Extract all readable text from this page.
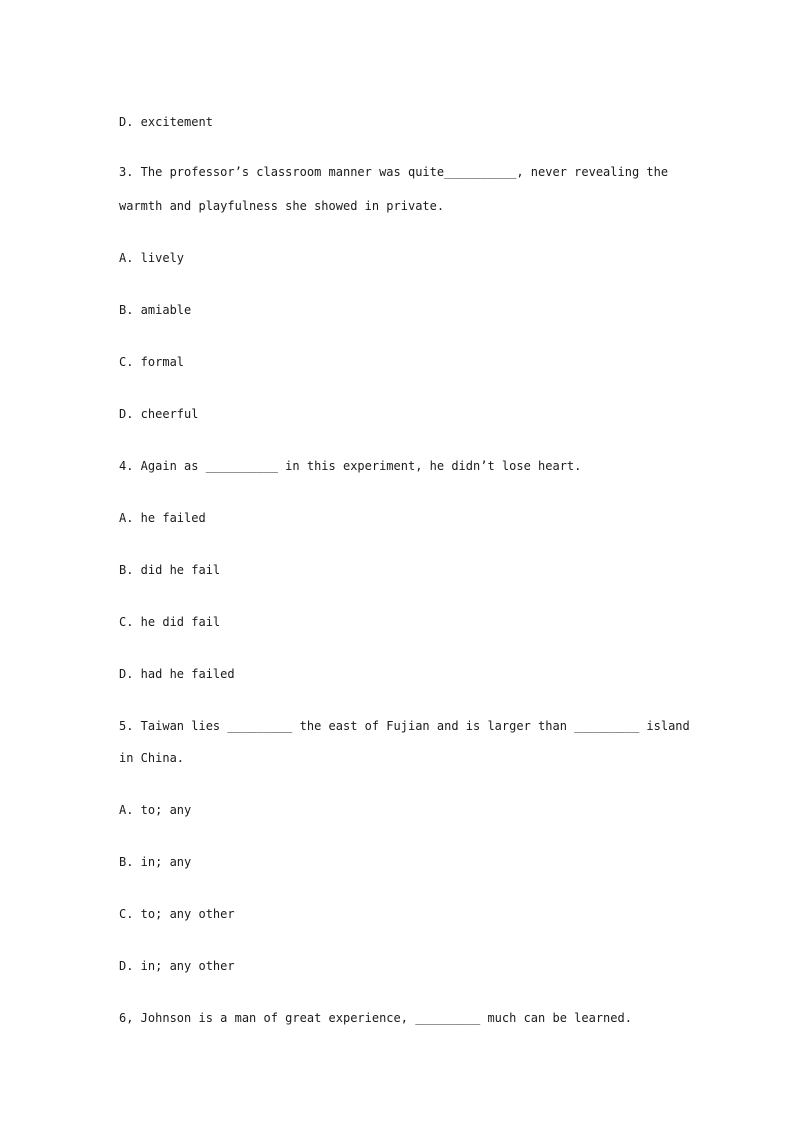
D. excitement
3. The professor’s classroom manner was quite__________, never revealing the
warmth and playfulness she showed in private.
A. lively
B. amiable
C. formal
D. cheerful
4. Again as __________ in this experiment, he didn’t lose heart.
A. he failed
B. did he fail
C. he did fail
D. had he failed
5. Taiwan lies _________ the east of Fujian and is larger than _________ island
in China.
A. to; any
B. in; any
C. to; any other
D. in; any other
6, Johnson is a man of great experience, _________ much can be learned.
